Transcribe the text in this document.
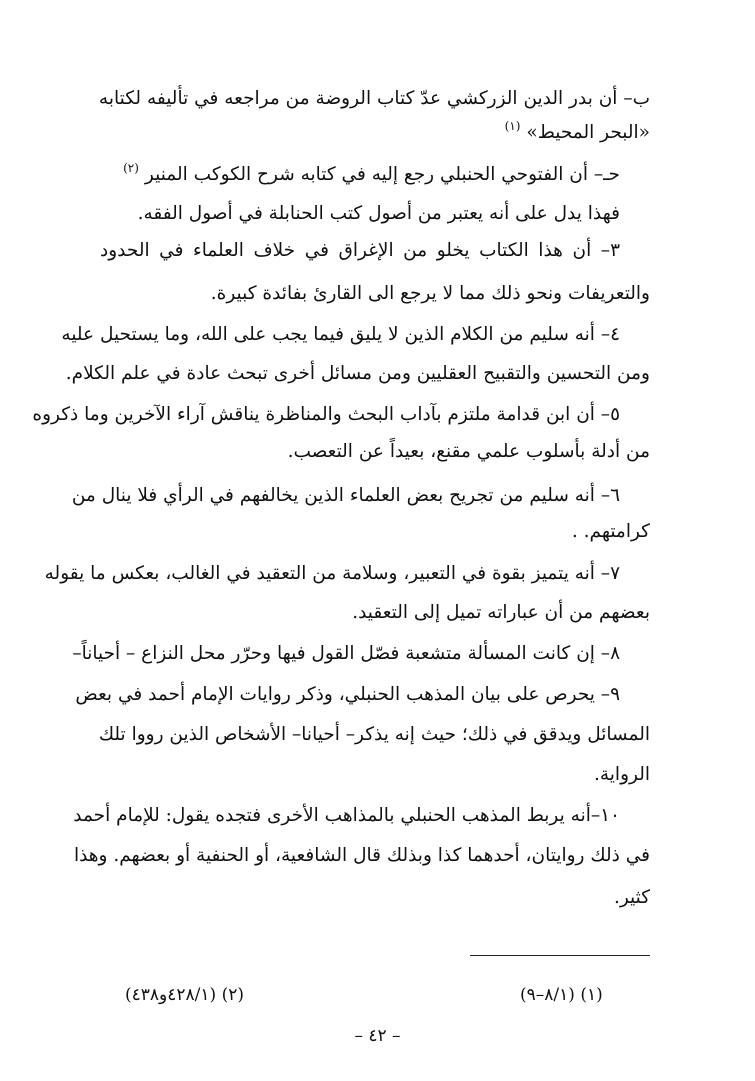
ب– أن بدر الدين الزركشي عدّ كتاب الروضة من مراجعه في تأليفه لكتابه
«البحر المحيط»$^{(١)}$
حـ– أن الفتوحي الحنبلي رجع إليه في كتابه شرح الكوكب المنير$^{(٢)}$
فهذا يدل على أنه يعتبر من أصول كتب الحنابلة في أصول الفقه.
٣– أن هذا الكتاب يخلو من الإغراق في خلاف العلماء في الحدود
والتعريفات ونحو ذلك مما لا يرجع الى القارئ بفائدة كبيرة.
٤– أنه سليم من الكلام الذين لا يليق فيما يجب على الله، وما يستحيل عليه
ومن التحسين والتقبيح العقليين ومن مسائل أخرى تبحث عادة في علم الكلام.
٥– أن ابن قدامة ملتزم بآداب البحث والمناظرة يناقش آراء الآخرين وما ذكروه
من أدلة بأسلوب علمي مقنع، بعيداً عن التعصب.
٦– أنه سليم من تجريح بعض العلماء الذين يخالفهم في الرأي فلا ينال من
كرامتهم. .
٧– أنه يتميز بقوة في التعبير، وسلامة من التعقيد في الغالب، بعكس ما يقوله
بعضهم من أن عباراته تميل إلى التعقيد.
٨– إن كانت المسألة متشعبة فصّل القول فيها وحرّر محل النزاع – أحياناً–
٩– يحرص على بيان المذهب الحنبلي، وذكر روايات الإمام أحمد في بعض
المسائل ويدقق في ذلك؛ حيث إنه يذكر– أحيانا– الأشخاص الذين رووا تلك
الرواية.
١٠–أنه يربط المذهب الحنبلي بالمذاهب الأخرى فتجده يقول: للإمام أحمد
في ذلك روايتان، أحدهما كذا وبذلك قال الشافعية، أو الحنفية أو بعضهم. وهذا
كثير.
(١) (٨/١–٩)
(٢) (٤٢٨/١و٤٣٨)
– ٤٢ –
